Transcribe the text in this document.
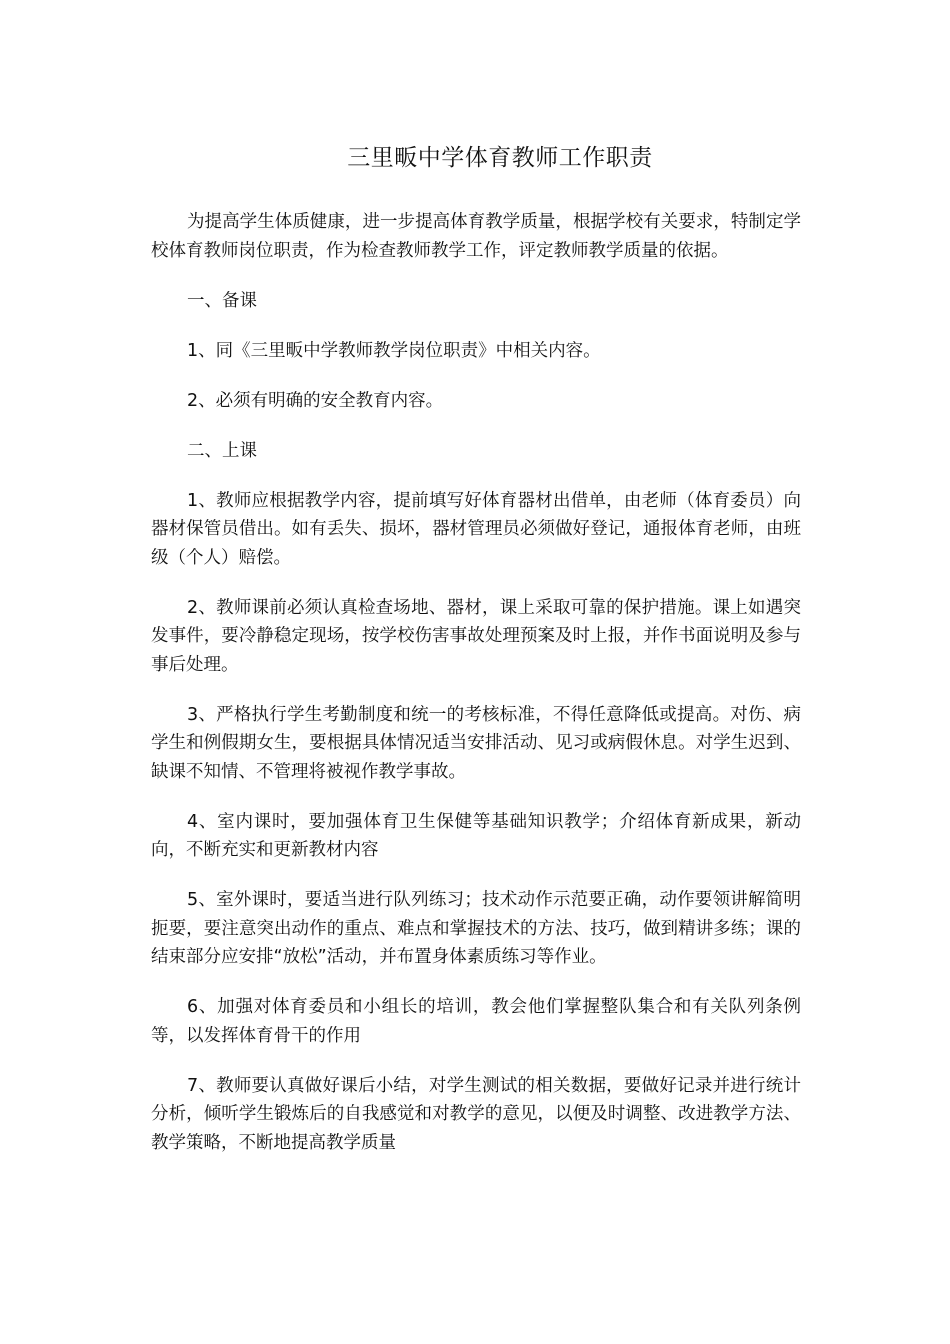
三里畈中学体育教师工作职责

为提高学生体质健康，进一步提高体育教学质量，根据学校有关要求，特制定学校体育教师岗位职责，作为检查教师教学工作，评定教师教学质量的依据。

一、备课

1、同《三里畈中学教师教学岗位职责》中相关内容。

2、必须有明确的安全教育内容。

二、上课

1、教师应根据教学内容，提前填写好体育器材出借单，由老师（体育委员）向器材保管员借出。如有丢失、损坏，器材管理员必须做好登记，通报体育老师，由班级（个人）赔偿。

2、教师课前必须认真检查场地、器材，课上采取可靠的保护措施。课上如遇突发事件，要冷静稳定现场，按学校伤害事故处理预案及时上报，并作书面说明及参与事后处理。

3、严格执行学生考勤制度和统一的考核标准，不得任意降低或提高。对伤、病学生和例假期女生，要根据具体情况适当安排活动、见习或病假休息。对学生迟到、缺课不知情、不管理将被视作教学事故。

4、室内课时，要加强体育卫生保健等基础知识教学；介绍体育新成果，新动向，不断充实和更新教材内容

5、室外课时，要适当进行队列练习；技术动作示范要正确，动作要领讲解简明扼要，要注意突出动作的重点、难点和掌握技术的方法、技巧，做到精讲多练；课的结束部分应安排“放松”活动，并布置身体素质练习等作业。

6、加强对体育委员和小组长的培训，教会他们掌握整队集合和有关队列条例等，以发挥体育骨干的作用

7、教师要认真做好课后小结，对学生测试的相关数据，要做好记录并进行统计分析，倾听学生锻炼后的自我感觉和对教学的意见，以便及时调整、改进教学方法、教学策略，不断地提高教学质量
